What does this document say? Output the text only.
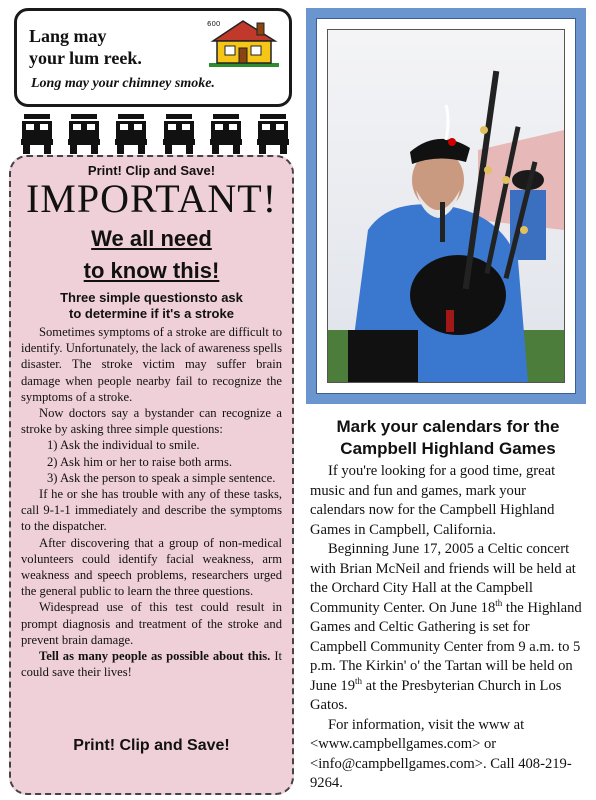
Lang may
your lum reek.
Long may your chimney smoke.
600
Print! Clip and Save!
IMPORTANT!
We all need
to know this!
Three simple questionsto ask
to determine if it's a stroke

Sometimes symptoms of a stroke are difficult to identify. Unfortunately, the lack of awareness spells disaster. The stroke victim may suffer brain damage when people nearby fail to recognize the symptoms of a stroke.

Now doctors say a bystander can recognize a stroke by asking three simple questions:

1) Ask the individual to smile.

2) Ask him or her to raise both arms.

3) Ask the person to speak a simple sentence.

If he or she has trouble with any of these tasks, call 9-1-1 immediately and describe the symptoms to the dispatcher.

After discovering that a group of non-medical volunteers could identify facial weakness, arm weakness and speech problems, researchers urged the general public to learn the three questions.

Widespread use of this test could result in prompt diagnosis and treatment of the stroke and prevent brain damage.

Tell as many people as possible about this. It could save their lives!

Print! Clip and Save!
Mark your calendars for the
Campbell Highland Games

If you're looking for a good time, great music and fun and games, mark your calendars now for the Campbell Highland Games in Campbell, California.

Beginning June 17, 2005 a Celtic concert with Brian McNeil and friends will be held at the Orchard City Hall at the Campbell Community Center. On June 18th the Highland Games and Celtic Gathering is set for Campbell Community Center from 9 a.m. to 5 p.m. The Kirkin' o' the Tartan will be held on June 19th at the Presbyterian Church in Los Gatos.

For information, visit the www at <www.campbellgames.com> or <info@campbellgames.com>. Call 408-219-9264.
